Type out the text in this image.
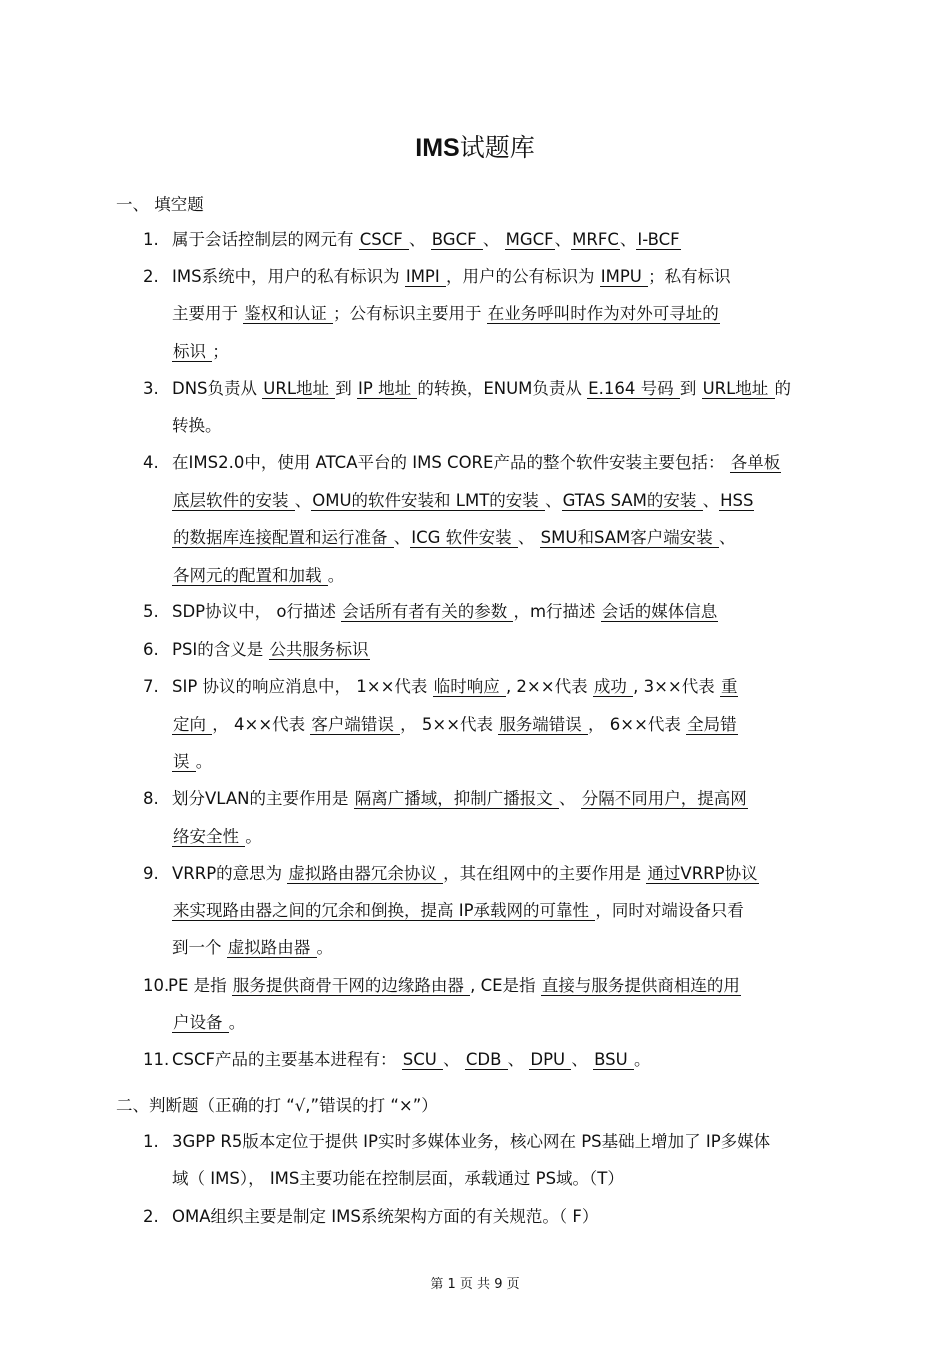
IMS试题库
一、 填空题
1. 属于会话控制层的网元有 CSCF 、 BGCF 、 MGCF、MRFC、I-BCF
2. IMS系统中，用户的私有标识为 IMPI ，用户的公有标识为 IMPU ；私有标识
主要用于 鉴权和认证 ；公有标识主要用于 在业务呼叫时作为对外可寻址的
标识 ；
3. DNS负责从 URL地址 到 IP 地址 的转换，ENUM负责从 E.164 号码 到 URL地址 的
转换。
4. 在IMS2.0中，使用 ATCA平台的 IMS CORE产品的整个软件安装主要包括： 各单板
底层软件的安装 、OMU的软件安装和 LMT的安装 、GTAS SAM的安装 、HSS
的数据库连接配置和运行准备 、ICG 软件安装 、 SMU和SAM客户端安装 、
各网元的配置和加载 。
5. SDP协议中， o行描述 会话所有者有关的参数 ，m行描述 会话的媒体信息
6. PSI的含义是 公共服务标识
7. SIP 协议的响应消息中， 1××代表 临时响应 , 2××代表 成功 , 3××代表 重
定向 ， 4××代表 客户端错误 ， 5××代表 服务端错误 ， 6××代表 全局错
误 。
8. 划分VLAN的主要作用是 隔离广播域，抑制广播报文 、 分隔不同用户，提高网
络安全性 。
9. VRRP的意思为 虚拟路由器冗余协议 ，其在组网中的主要作用是 通过VRRP协议
来实现路由器之间的冗余和倒换，提高 IP承载网的可靠性 ，同时对端设备只看
到一个 虚拟路由器 。
10.
PE 是指 服务提供商骨干网的边缘路由器 , CE是指 直接与服务提供商相连的用
户设备 。
11. CSCF产品的主要基本进程有： SCU 、 CDB 、 DPU 、 BSU 。
二、判断题（正确的打 “√,”错误的打 “×”）
1. 3GPP R5版本定位于提供 IP实时多媒体业务，核心网在 PS基础上增加了 IP多媒体
域（ IMS）， IMS主要功能在控制层面，承载通过 PS域。（T）
2. OMA组织主要是制定 IMS系统架构方面的有关规范。（ F）
第 1 页 共 9 页
